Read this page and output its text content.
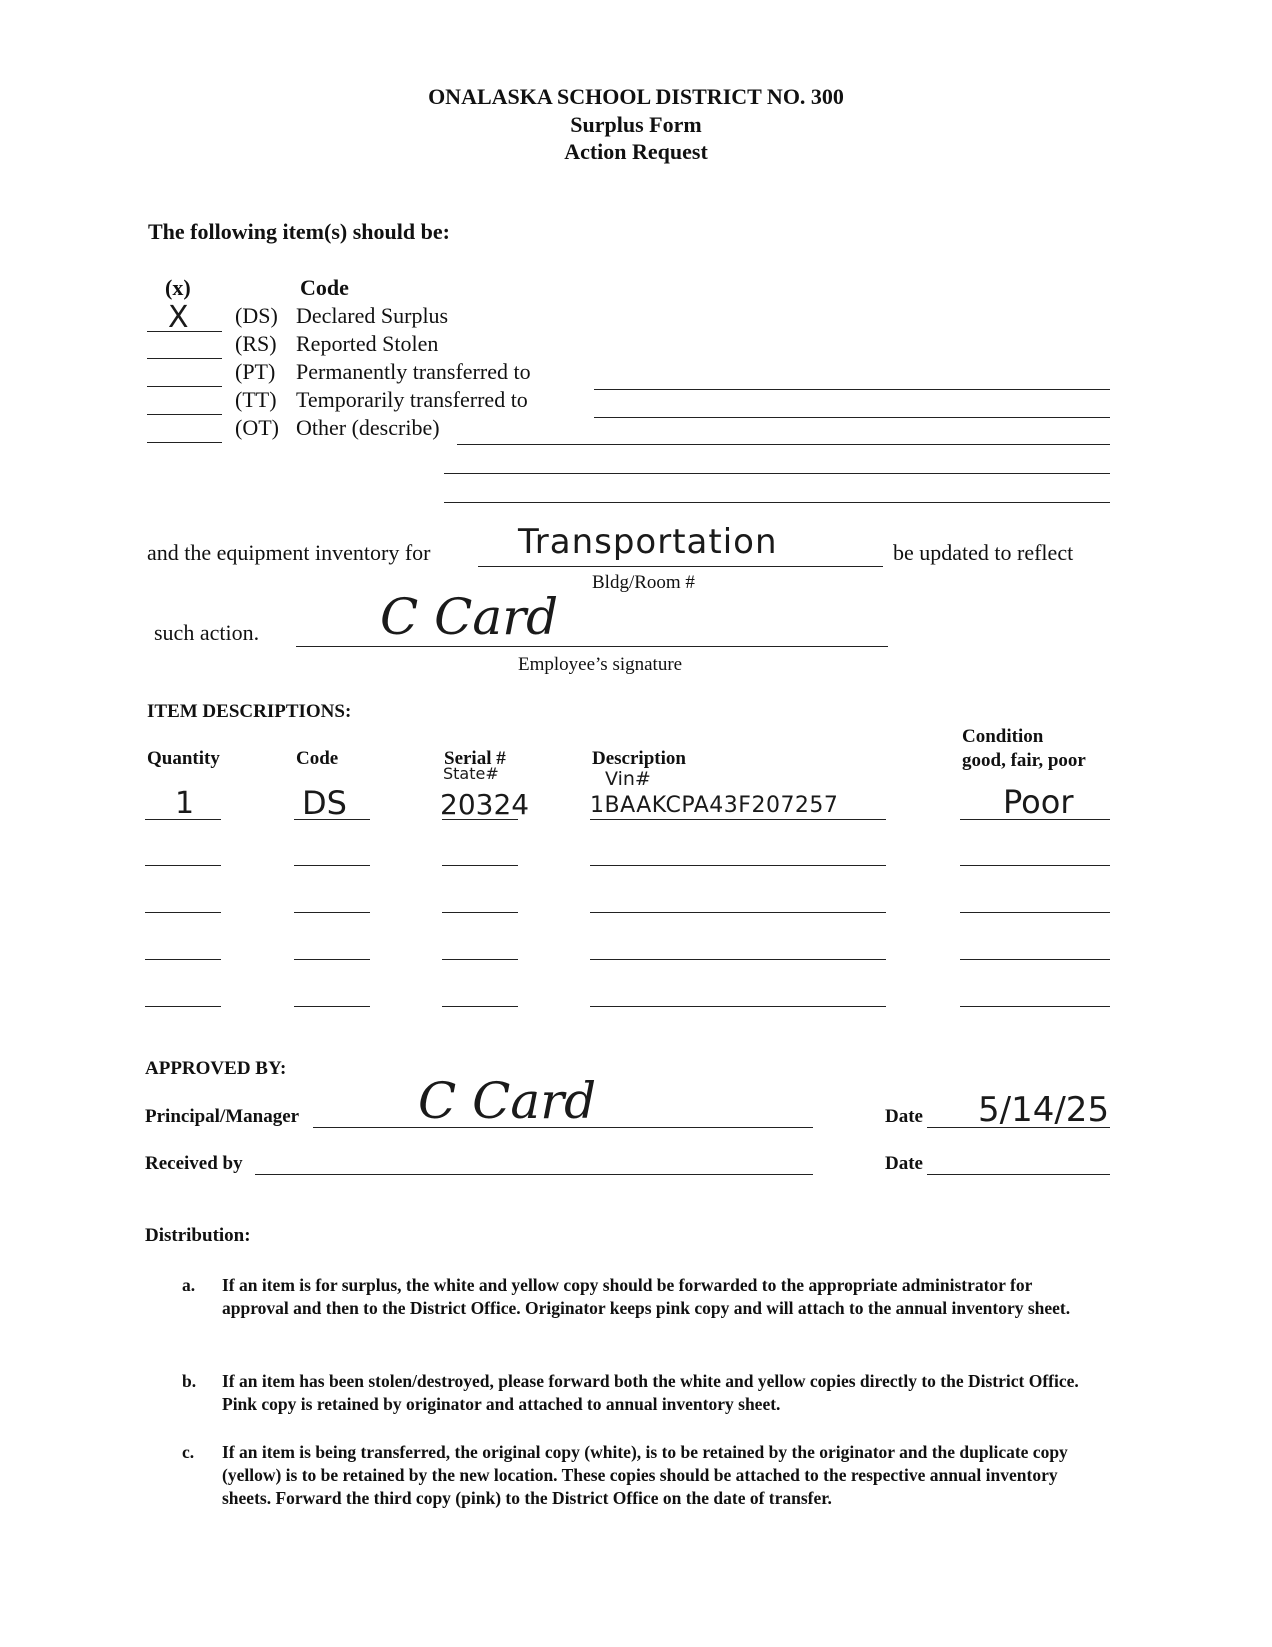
ONALASKA SCHOOL DISTRICT NO. 300
Surplus Form
Action Request
The following item(s) should be:
(x)	Code
X (DS) Declared Surplus
(RS) Reported Stolen
(PT) Permanently transferred to
(TT) Temporarily transferred to
(OT) Other (describe)
and the equipment inventory for	Transportation	be updated to reflect
Bldg/Room #
such action. C Card
Employee’s signature
ITEM DESCRIPTIONS:
Condition
Quantity	Code	Serial #	Description	good, fair, poor
State#	Vin#
1	DS	20324	1BAAKCPA43F207257	Poor
APPROVED BY:
Principal/Manager C Card	Date 5/14/25
Received by	Date
Distribution:
a. If an item is for surplus, the white and yellow copy should be forwarded to the appropriate administrator for approval and then to the District Office. Originator keeps pink copy and will attach to the annual inventory sheet.
b. If an item has been stolen/destroyed, please forward both the white and yellow copies directly to the District Office. Pink copy is retained by originator and attached to annual inventory sheet.
c. If an item is being transferred, the original copy (white), is to be retained by the originator and the duplicate copy (yellow) is to be retained by the new location. These copies should be attached to the respective annual inventory sheets. Forward the third copy (pink) to the District Office on the date of transfer.
